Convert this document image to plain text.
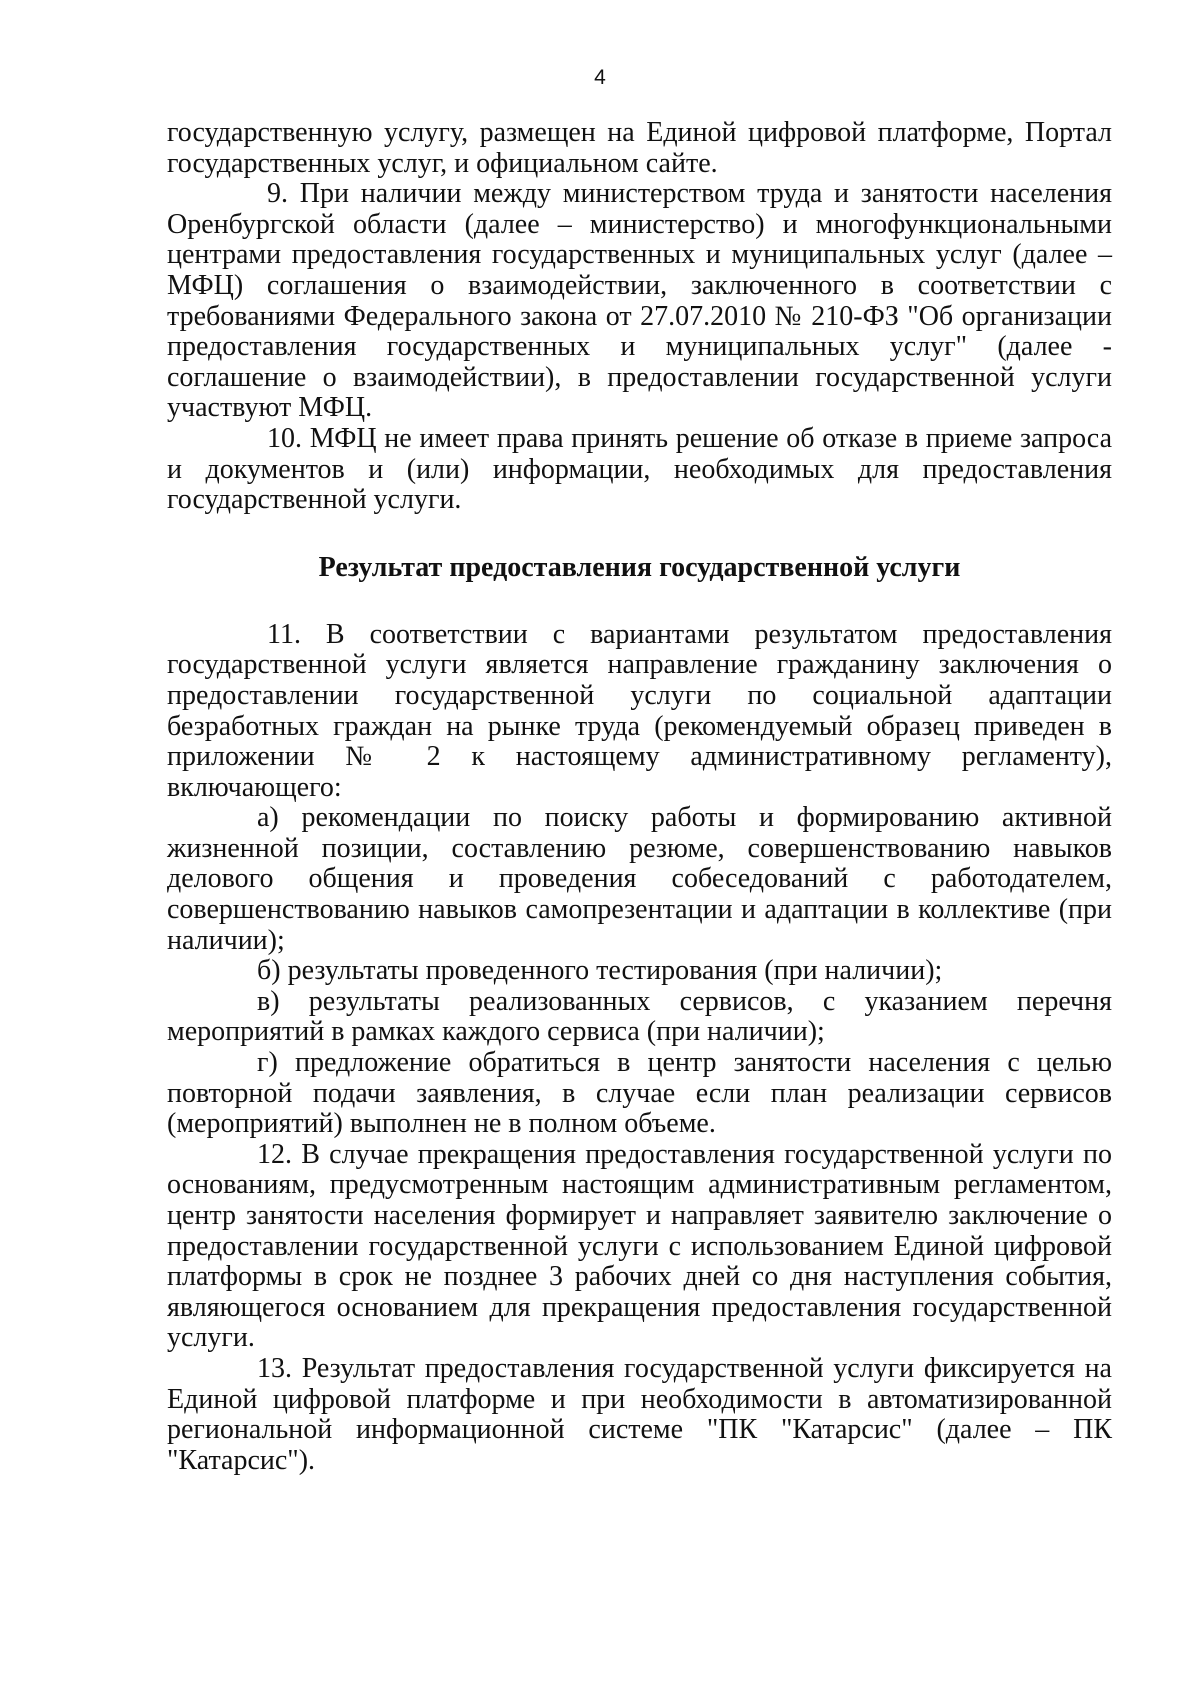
4

государственную услугу, размещен на Единой цифровой платформе, Портал государственных услуг, и официальном сайте.

9. При наличии между министерством труда и занятости населения Оренбургской области (далее – министерство) и многофункциональными центрами предоставления государственных и муниципальных услуг (далее – МФЦ) соглашения о взаимодействии, заключенного в соответствии с требованиями Федерального закона от 27.07.2010 № 210-ФЗ "Об организации предоставления государственных и муниципальных услуг" (далее - соглашение о взаимодействии), в предоставлении государственной услуги участвуют МФЦ.

10. МФЦ не имеет права принять решение об отказе в приеме запроса и документов и (или) информации, необходимых для предоставления государственной услуги.

Результат предоставления государственной услуги

11. В соответствии с вариантами результатом предоставления государственной услуги является направление гражданину заключения о предоставлении государственной услуги по социальной адаптации безработных граждан на рынке труда (рекомендуемый образец приведен в приложении № 2 к настоящему административному регламенту), включающего:

а) рекомендации по поиску работы и формированию активной жизненной позиции, составлению резюме, совершенствованию навыков делового общения и проведения собеседований с работодателем, совершенствованию навыков самопрезентации и адаптации в коллективе (при наличии);

б) результаты проведенного тестирования (при наличии);

в) результаты реализованных сервисов, с указанием перечня мероприятий в рамках каждого сервиса (при наличии);

г) предложение обратиться в центр занятости населения с целью повторной подачи заявления, в случае если план реализации сервисов (мероприятий) выполнен не в полном объеме.

12. В случае прекращения предоставления государственной услуги по основаниям, предусмотренным настоящим административным регламентом, центр занятости населения формирует и направляет заявителю заключение о предоставлении государственной услуги с использованием Единой цифровой платформы в срок не позднее 3 рабочих дней со дня наступления события, являющегося основанием для прекращения предоставления государственной услуги.

13. Результат предоставления государственной услуги фиксируется на Единой цифровой платформе и при необходимости в автоматизированной региональной информационной системе "ПК "Катарсис" (далее – ПК "Катарсис").
